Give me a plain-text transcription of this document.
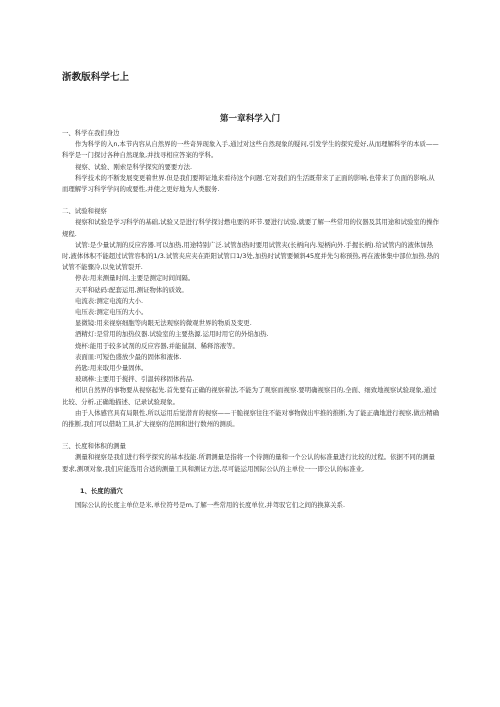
浙教版科学七上
第一章科学入门

一、科学在我们身边

作为科学的入n,本节内容从自然界的一些奇异现象入手,通过对这些自然现象的疑问,引发学生的探究爱好,从而理解科学的本质——科学是一门探讨各种自然现象,并找寻相应答案的学科。

视察、试验、刚索是科学探究的要要方法.

科学技术的不断发展变更着世界.但是我们要辩证地来看待这个问题.它对我们的生活既带来了正面的影响,也带来了负面的影响,从而理解学习科学学问的或要性,并使之更好地为人类服务.

二、试验和视察

视察和试验是学习科学的基础,试验又是进行科学探讨燃电要的环节.要进行试验,就要了解一些常用的仪器及其用途和试验室的操作规程.

试管:是少量试剂的反应容器.可以加热,用途特别广泛.试管加热时要用试管夹(长柄向内.短柄向外.手握长柄).给试管内的液体加热时,液体体积不能超过试管容积的1/3.试管夹应夹在距阳试管口1/3处,加热时试管要倾斜45度并先匀称预热,再在液体集中部位加热.热的试管不能骤冷,以免试管裂开.

停表:用来测量时间,主要是测定时间间隔。

天平和砝码:配套运用,测证物体的质效。

电流表:测定电流的大小.

电压表:测定电压的大小。

显微镜:用来视察细胞等肉眼无法观察的微观世界的物质及变更.

酒精灯:是常用的加热仪器.试验室的主要热源.运用时用它的外焰加热.

烧杯:能用于较多试剂的反应容器,并能鼠制、稀释溶液等。

表面皿:可短色盛放少最的固体和液体.

药匙:用来取用少量固体。

玻璃棒:主要用于搅拌、引温转移固体药品.

相识自然界的事物要从视察起先.首先要有正确的视察着法,不能为了观察而视察.要明确视察目的,全面、细致地视察试验现象,通过比较、分析,正确地描述、记录试验现象。

由于人体感官具有局限性,所以运用后觉潜育的视察——干脆视察往往不能对事物做出牢推的推断,为了能正确地进行视察,做出精确的推断,我们可以借助工具,扩大视察的范围和进行数州的测质。

三、长度和体积的测量

测量和视察是我们进行科学探究的基本技能.所谓测量是指将一个待测的量和一个公认的标准量进行比较的过程。依据不同的测量要求,测项对象,我们应能选用合适的测量工具和测证方法,尽可能运用国际公认的主单位一一即公认的标准业,

1、长度的涌穴

国际公认的长度主单位是米,单位符号是m,了解一些常用的长度单位,并驾驭它们之间的换算关系.
